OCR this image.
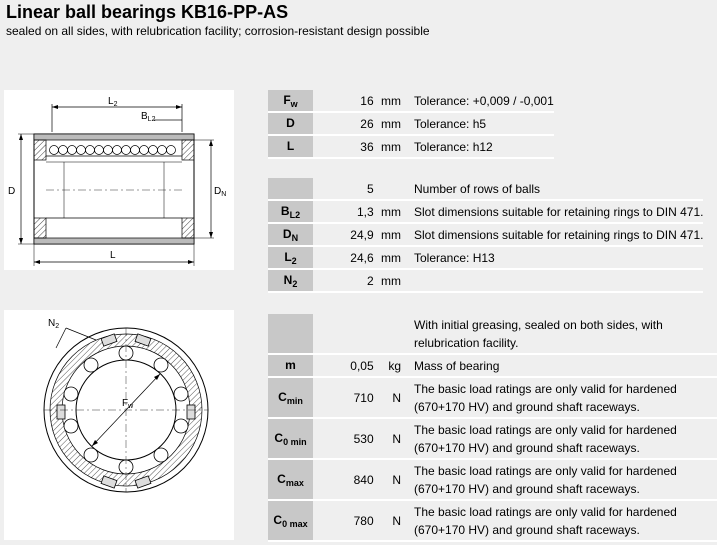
Linear ball bearings KB16-PP-AS
sealed on all sides, with relubrication facility; corrosion-resistant design possible
$L_2$
$B_{L2}$
D	$D_N$
L
$F_w$
$N_2$
$F_w$	16 mm	Tolerance: +0,009 / -0,001
D	26 mm	Tolerance: h5
L	36 mm	Tolerance: h12
	5	Number of rows of balls
$B_{L2}$	1,3 mm	Slot dimensions suitable for retaining rings to DIN 471.
$D_N$	24,9 mm	Slot dimensions suitable for retaining rings to DIN 471.
$L_2$	24,6 mm	Tolerance: H13
$N_2$	2 mm	
		With initial greasing, sealed on both sides, with relubrication facility.
m	0,05 kg	Mass of bearing
$C_{min}$	710 N	The basic load ratings are only valid for hardened (670+170 HV) and ground shaft raceways.
$C_{0 min}$	530 N	The basic load ratings are only valid for hardened (670+170 HV) and ground shaft raceways.
$C_{max}$	840 N	The basic load ratings are only valid for hardened (670+170 HV) and ground shaft raceways.
$C_{0 max}$	780 N	The basic load ratings are only valid for hardened (670+170 HV) and ground shaft raceways.
